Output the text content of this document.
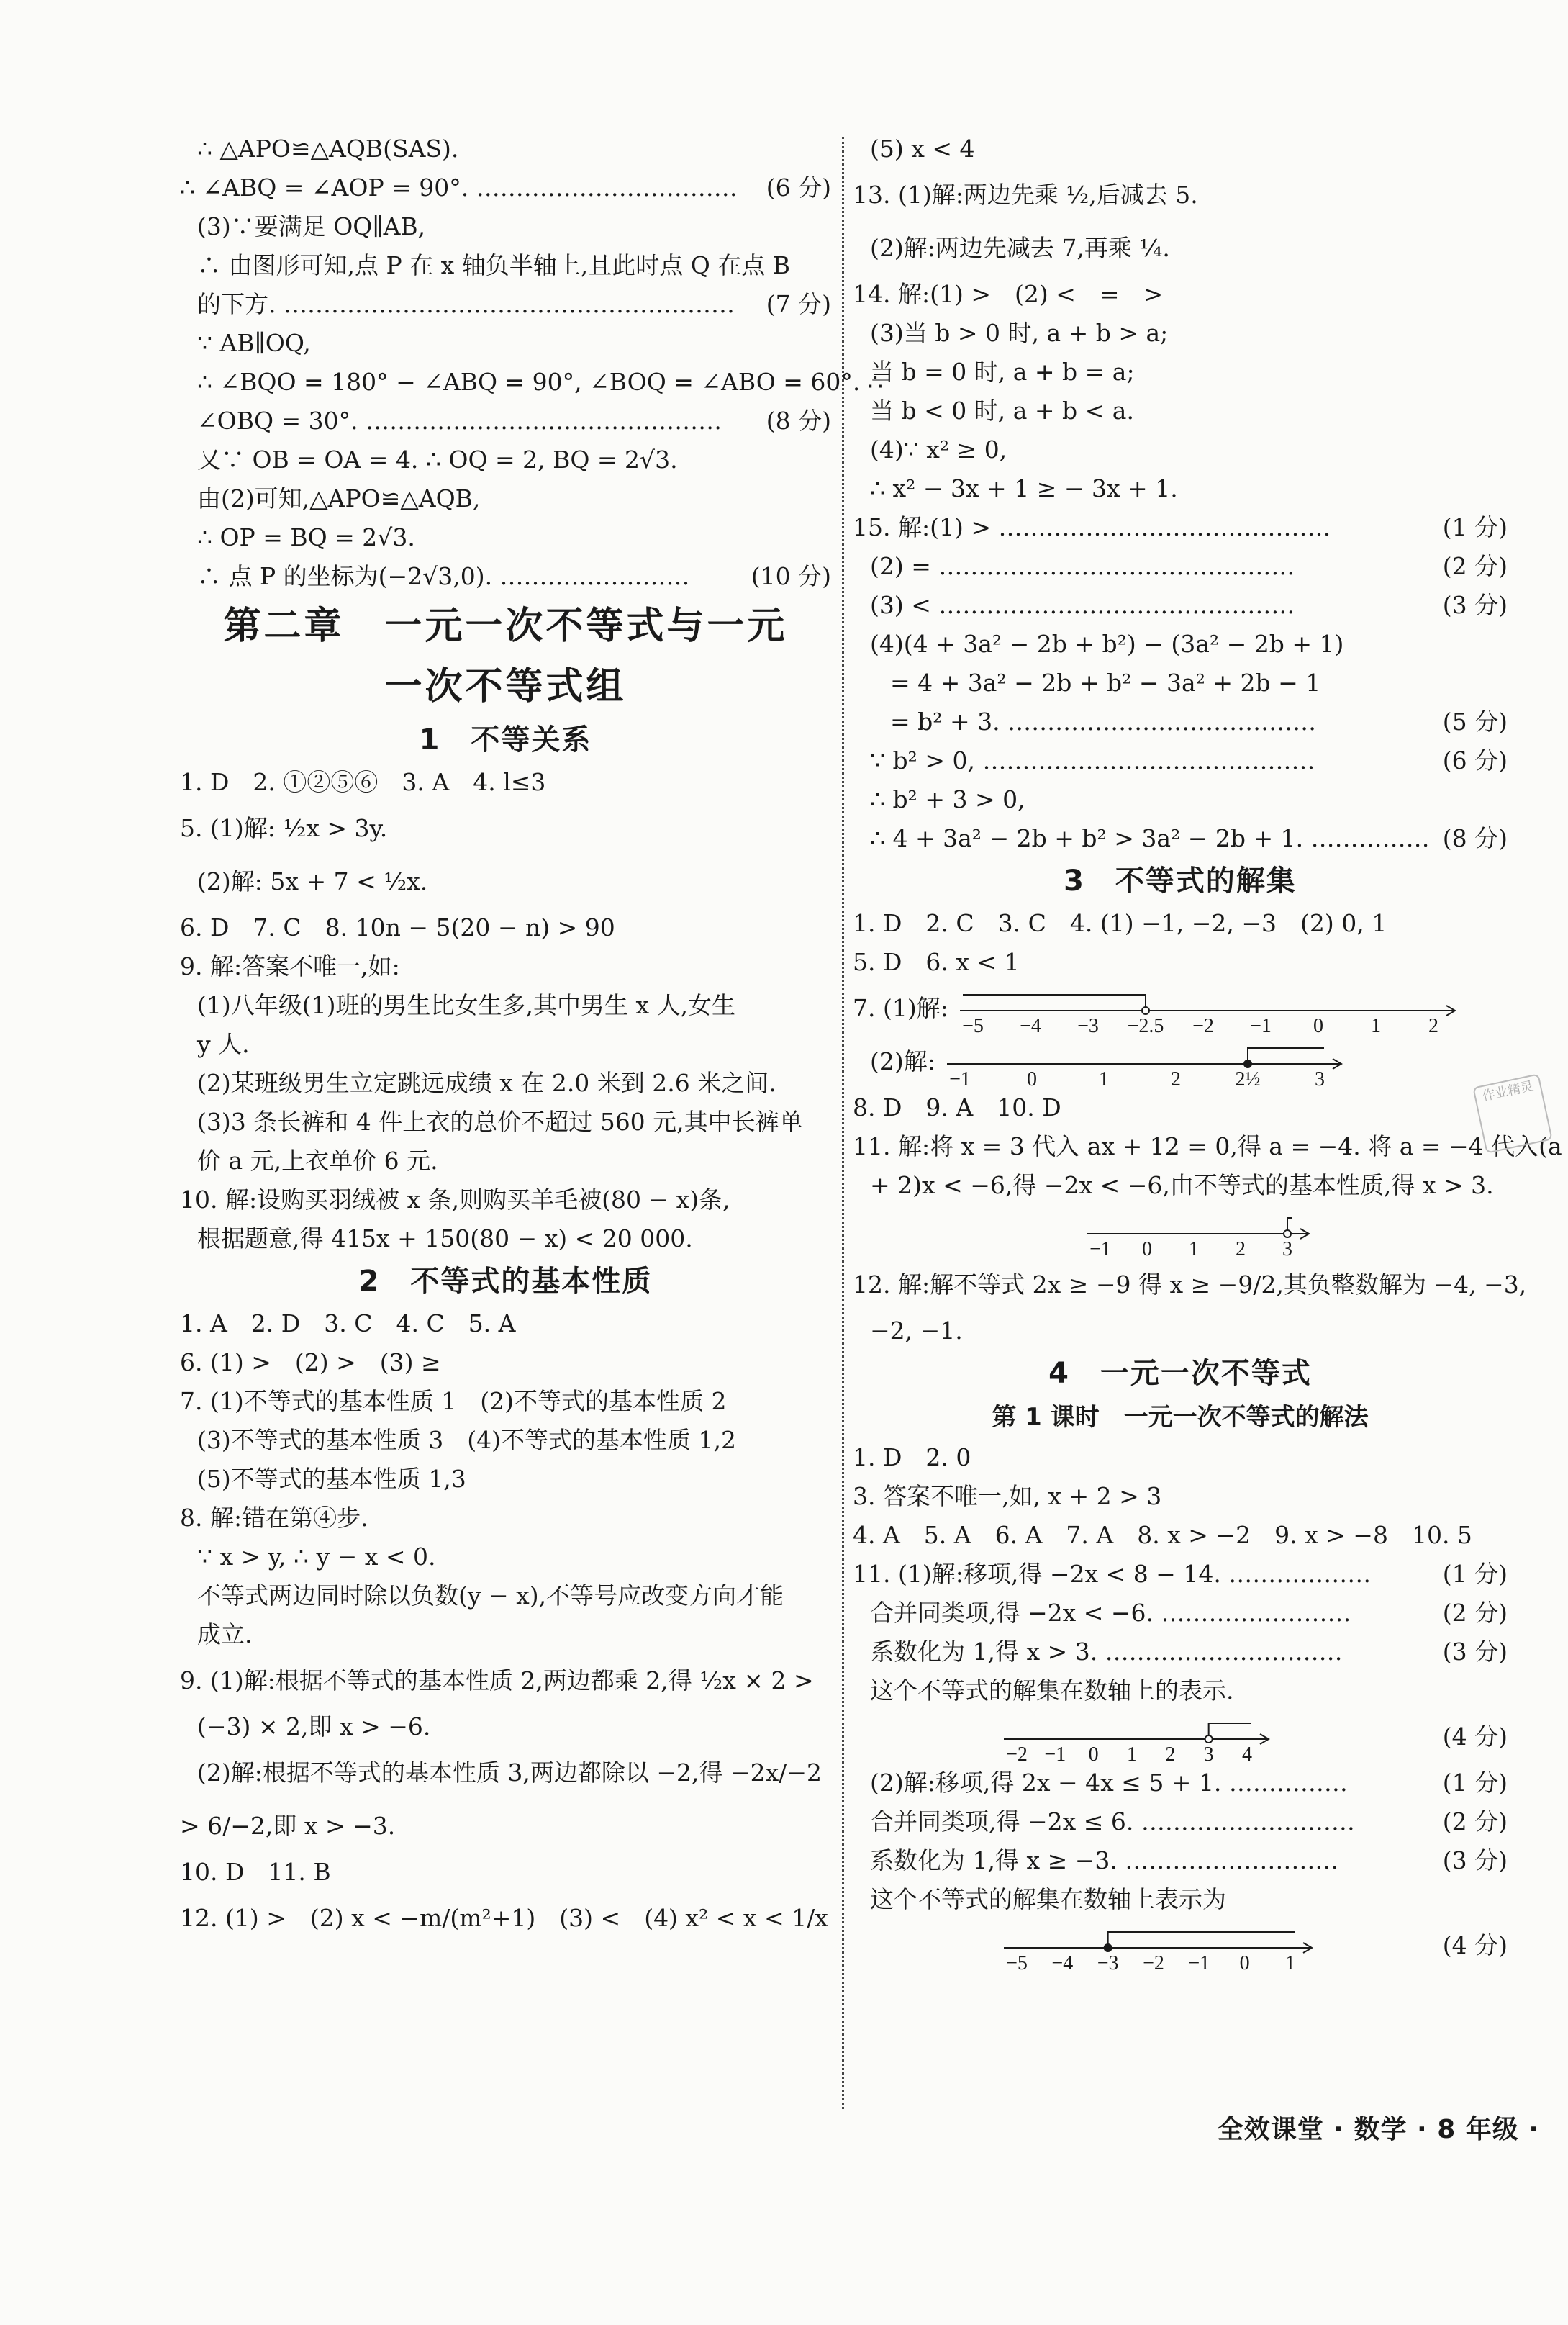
∴ △APO≌△AQB(SAS).
∴ ∠ABQ = ∠AOP = 90°. …………………………… (6 分)
(3)∵要满足 OQ∥AB,
∴ 由图形可知,点 P 在 x 轴负半轴上,且此时点 Q 在点 B
的下方. ………………………………………………… (7 分)
∵ AB∥OQ,
∴ ∠BQO = 180° − ∠ABQ = 90°, ∠BOQ = ∠ABO = 60°. ∴
∠OBQ = 30°. ……………………………………… (8 分)
又∵ OB = OA = 4. ∴ OQ = 2, BQ = 2√3.
由(2)可知,△APO≌△AQB,
∴ OP = BQ = 2√3.
∴ 点 P 的坐标为(−2√3,0). ……………………	(10 分)
第二章　一元一次不等式与一元
一次不等式组
1　不等关系
1. D　2. ①②⑤⑥　3. A　4. l≤3
5. (1)解: ½x > 3y.
(2)解: 5x + 7 < ½x.
6. D　7. C　8. 10n − 5(20 − n) > 90
9. 解:答案不唯一,如:
(1)八年级(1)班的男生比女生多,其中男生 x 人,女生
y 人.
(2)某班级男生立定跳远成绩 x 在 2.0 米到 2.6 米之间.
(3)3 条长裤和 4 件上衣的总价不超过 560 元,其中长裤单
价 a 元,上衣单价 6 元.
10. 解:设购买羽绒被 x 条,则购买羊毛被(80 − x)条,
根据题意,得 415x + 150(80 − x) < 20 000.
2　不等式的基本性质
1. A　2. D　3. C　4. C　5. A
6. (1) >　(2) >　(3) ≥
7. (1)不等式的基本性质 1　(2)不等式的基本性质 2
(3)不等式的基本性质 3　(4)不等式的基本性质 1,2
(5)不等式的基本性质 1,3
8. 解:错在第④步.
∵ x > y, ∴ y − x < 0.
不等式两边同时除以负数(y − x),不等号应改变方向才能
成立.
9. (1)解:根据不等式的基本性质 2,两边都乘 2,得 ½x × 2 >
(−3) × 2,即 x > −6.
(2)解:根据不等式的基本性质 3,两边都除以 −2,得 −2x/−2
> 6/−2,即 x > −3.
10. D　11. B
12. (1) >　(2) x < −m/(m²+1)　(3) <　(4) x² < x < 1/x
(5) x < 4
13. (1)解:两边先乘 ½,后减去 5.
(2)解:两边先减去 7,再乘 ¼.
14. 解:(1) >　(2) <　=　>
(3)当 b > 0 时, a + b > a;
当 b = 0 时, a + b = a;
当 b < 0 时, a + b < a.
(4)∵ x² ≥ 0,
∴ x² − 3x + 1 ≥ − 3x + 1.
15. 解:(1) > ……………………………………	(1 分)
(2) = ………………………………………	(2 分)
(3) < ………………………………………	(3 分)
(4)(4 + 3a² − 2b + b²) − (3a² − 2b + 1)
= 4 + 3a² − 2b + b² − 3a² + 2b − 1
= b² + 3. …………………………………	(5 分)
∵ b² > 0, ……………………………………	(6 分)
∴ b² + 3 > 0,
∴ 4 + 3a² − 2b + b² > 3a² − 2b + 1. …………… (8 分)
3　不等式的解集
1. D　2. C　3. C　4. (1) −1, −2, −3　(2) 0, 1
5. D　6. x < 1
7. (1)解:
−5 −4 −3 −2.5 −2 −1 0 1 2
(2)解:
−1	0	1	2	2½	3
8. D　9. A　10. D
11. 解:将 x = 3 代入 ax + 12 = 0,得 a = −4. 将 a = −4 代入(a
+ 2)x < −6,得 −2x < −6,由不等式的基本性质,得 x > 3.
−1 0 1 2 3
12. 解:解不等式 2x ≥ −9 得 x ≥ −9/2,其负整数解为 −4, −3,
−2, −1.
4　一元一次不等式
第 1 课时　一元一次不等式的解法
1. D　2. 0
3. 答案不唯一,如, x + 2 > 3
4. A　5. A　6. A　7. A　8. x > −2　9. x > −8　10. 5
11. (1)解:移项,得 −2x < 8 − 14. ………………	(1 分)
合并同类项,得 −2x < −6. ……………………	(2 分)
系数化为 1,得 x > 3. …………………………	(3 分)
这个不等式的解集在数轴上的表示.
−2 −1 0 1 2 3 4
(4 分)
(2)解:移项,得 2x − 4x ≤ 5 + 1. ……………	(1 分)
合并同类项,得 −2x ≤ 6. ………………………	(2 分)
系数化为 1,得 x ≥ −3. ………………………	(3 分)
这个不等式的解集在数轴上表示为
−5 −4 −3 −2 −1 0 1
(4 分)
作业精灵
全效课堂 · 数学 · 8 年级 ·
